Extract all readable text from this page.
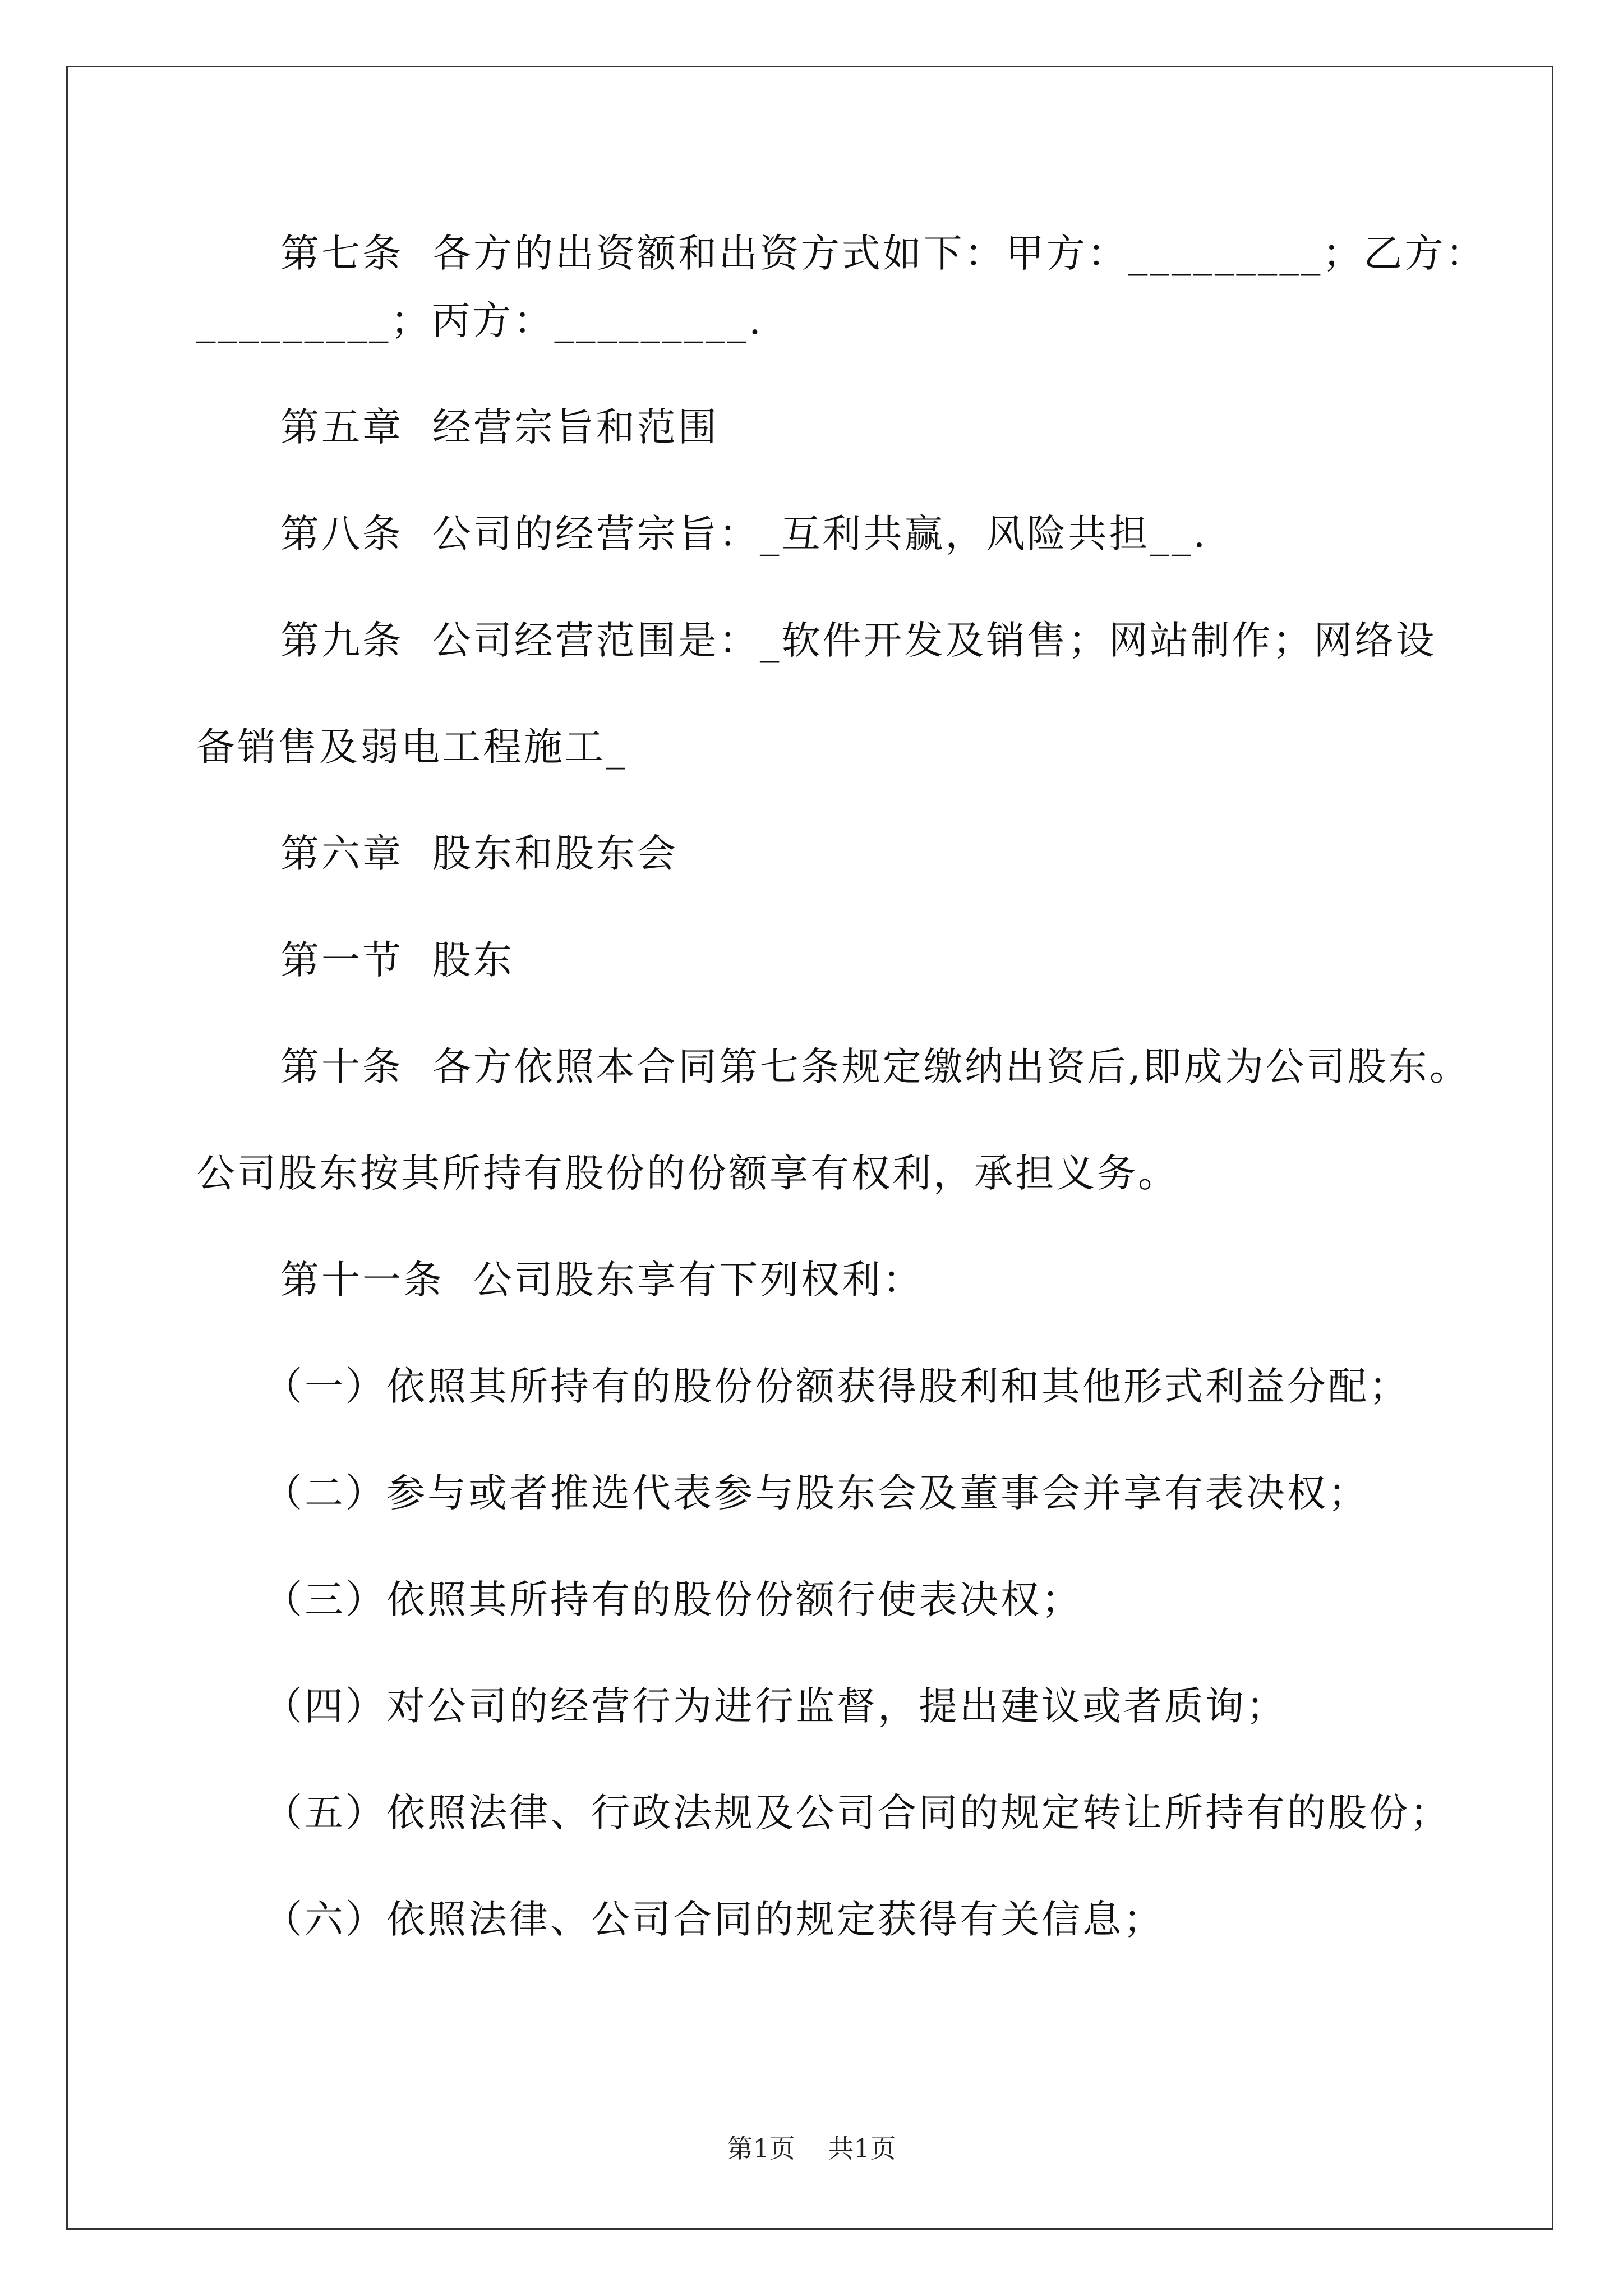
第七条  各方的出资额和出资方式如下：甲方：_________；乙方：
_________；丙方：_________.
第五章  经营宗旨和范围
第八条  公司的经营宗旨：_互利共赢，风险共担__.
第九条  公司经营范围是：_软件开发及销售；网站制作；网络设
备销售及弱电工程施工_
第六章  股东和股东会
第一节  股东
第十条  各方依照本合同第七条规定缴纳出资后,即成为公司股东。
公司股东按其所持有股份的份额享有权利，承担义务。
第十一条  公司股东享有下列权利：
（一）依照其所持有的股份份额获得股利和其他形式利益分配；
（二）参与或者推选代表参与股东会及董事会并享有表决权；
（三）依照其所持有的股份份额行使表决权；
（四）对公司的经营行为进行监督，提出建议或者质询；
（五）依照法律、行政法规及公司合同的规定转让所持有的股份；
（六）依照法律、公司合同的规定获得有关信息；
第1页    共1页
